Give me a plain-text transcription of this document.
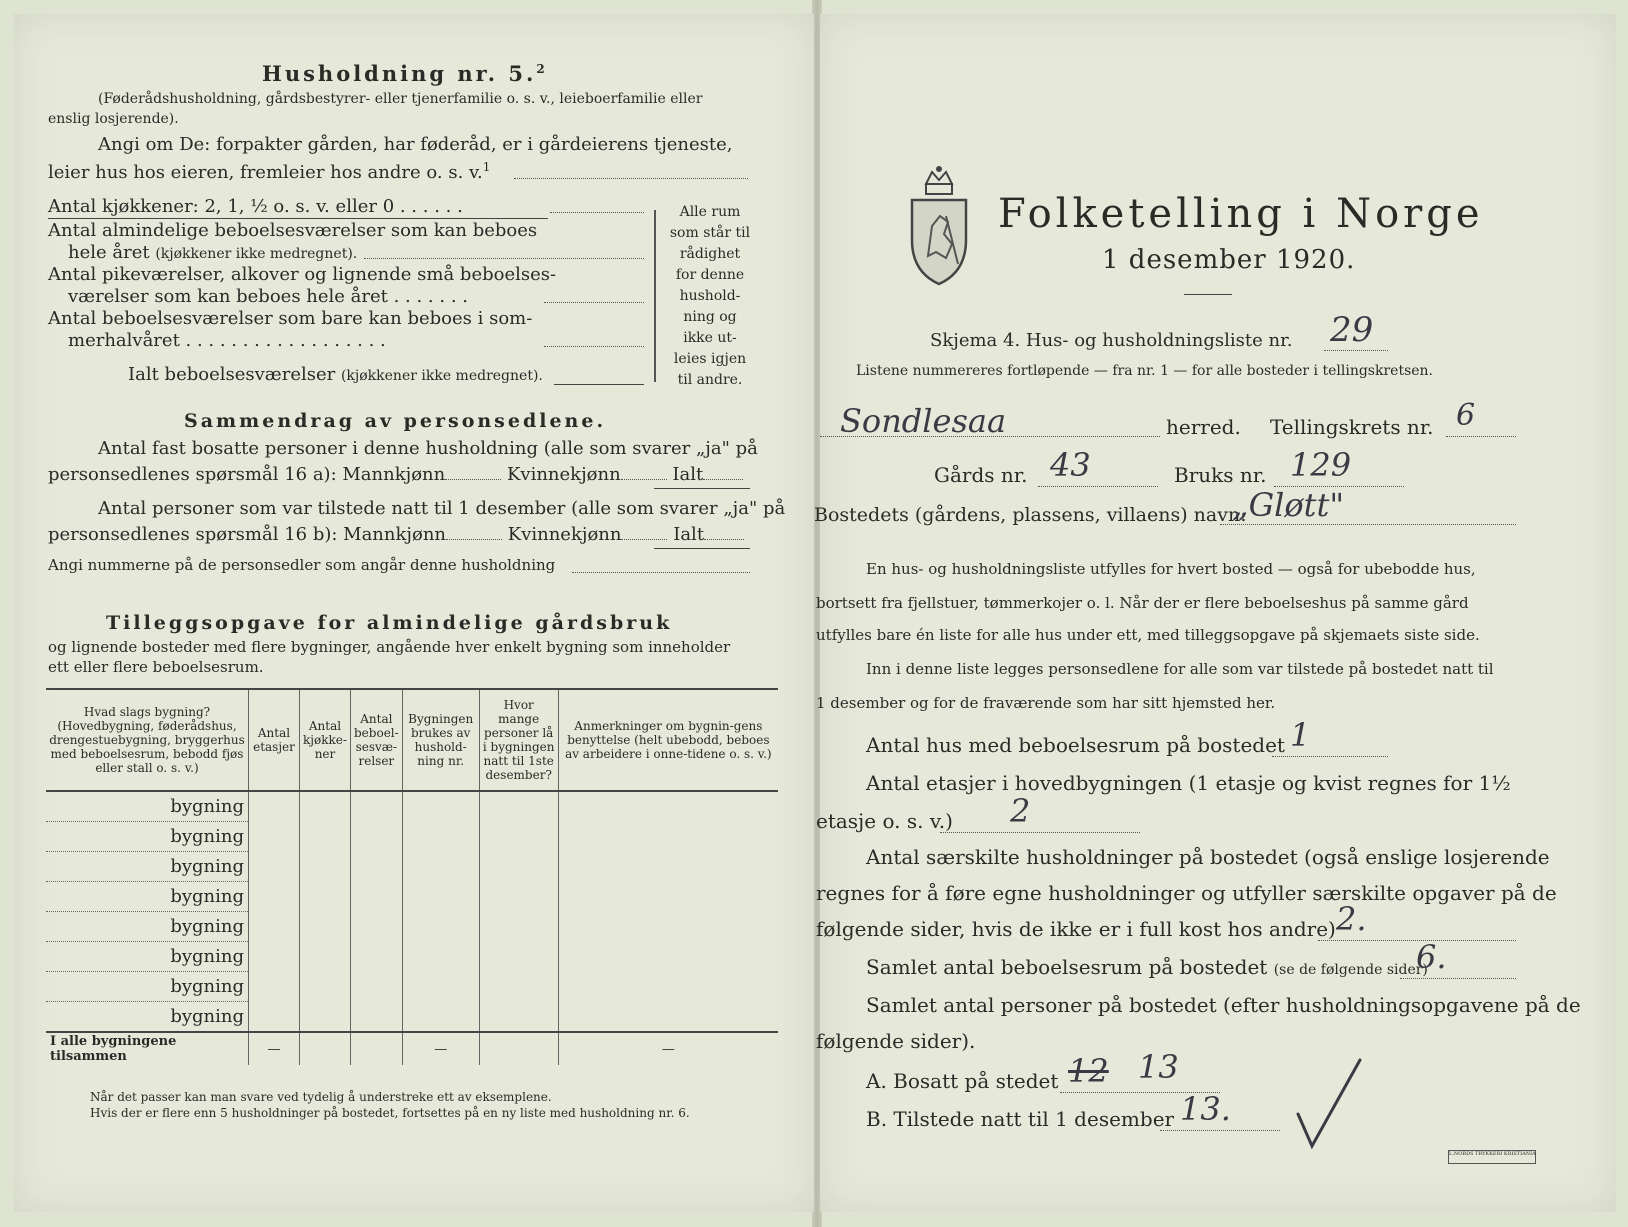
Husholdning nr. 5.$^2$
(Føderådshusholdning, gårdsbestyrer- eller tjenerfamilie o. s. v., leieboerfamilie eller
enslig losjerende).
Angi om De: forpakter gården, har føderåd, er i gårdeierens tjeneste,
leier hus hos eieren, fremleier hos andre o. s. v.$^1$
Antal kjøkkener: 2, 1, ½ o. s. v. eller 0 . . . . . .
Antal almindelige beboelsesværelser som kan beboes
hele året (kjøkkener ikke medregnet).
Antal pikeværelser, alkover og lignende små beboelses-
værelser som kan beboes hele året . . . . . . .
Antal beboelsesværelser som bare kan beboes i som-
merhalvåret . . . . . . . . . . . . . . . . . .
Ialt beboelsesværelser (kjøkkener ikke medregnet).
Alle rum
som står til
rådighet
for denne
hushold-
ning og
ikke ut-
leies igjen
til andre.
Sammendrag av personsedlene.
Antal fast bosatte personer i denne husholdning (alle som svarer „ja" på
personsedlenes spørsmål 16 a): Mannkjønn	Kvinnekjønn	Ialt
Antal personer som var tilstede natt til 1 desember (alle som svarer „ja" på
personsedlenes spørsmål 16 b): Mannkjønn	Kvinnekjønn	Ialt
Angi nummerne på de personsedler som angår denne husholdning
Tilleggsopgave for almindelige gårdsbruk
og lignende bosteder med flere bygninger, angående hver enkelt bygning som inneholder
ett eller flere beboelsesrum.
Hvad slags bygning? (Hovedbygning, føderådshus, drengestuebygning, bryggerhus med beboelsesrum, bebodd fjøs eller stall o. s. v.)	Antal etasjer	Antal kjøkke-ner	Antal beboel-sesvæ-relser	Bygningen brukes av hushold-ning nr.	Hvor mange personer lå i bygningen natt til 1ste desember?	Anmerkninger om bygnin-gens benyttelse (helt ubebodd, beboes av arbeidere i onne-tidene o. s. v.)
bygning						
bygning						
bygning						
bygning						
bygning						
bygning						
bygning						
bygning						
I alle bygningene tilsammen	—			—		—
Når det passer kan man svare ved tydelig å understreke ett av eksemplene.
Hvis der er flere enn 5 husholdninger på bostedet, fortsettes på en ny liste med husholdning nr. 6.
Folketelling i Norge
1 desember 1920.
Skjema 4. Hus- og husholdningsliste nr. 29
Listene nummereres fortløpende — fra nr. 1 — for alle bosteder i tellingskretsen.
Sondlesaa	herred. Tellingskrets nr. 6
Gårds nr. 43	Bruks nr. 129
Bostedets (gårdens, plassens, villaens) navn:
„Gløtt"
En hus- og husholdningsliste utfylles for hvert bosted — også for ubebodde hus,
bortsett fra fjellstuer, tømmerkojer o. l. Når der er flere beboelseshus på samme gård
utfylles bare én liste for alle hus under ett, med tilleggsopgave på skjemaets siste side.
Inn i denne liste legges personsedlene for alle som var tilstede på bostedet natt til
1 desember og for de fraværende som har sitt hjemsted her.
Antal hus med beboelsesrum på bostedet 1
Antal etasjer i hovedbygningen (1 etasje og kvist regnes for 1½
etasje o. s. v.) 2
Antal særskilte husholdninger på bostedet (også enslige losjerende
regnes for å føre egne husholdninger og utfyller særskilte opgaver på de
følgende sider, hvis de ikke er i full kost hos andre) 2.
Samlet antal beboelsesrum på bostedet (se de følgende sider)
6.
Samlet antal personer på bostedet (efter husholdningsopgavene på de
følgende sider).
A. Bosatt på stedet 12 13
B. Tilstede natt til 1 desember 13.
L.NORDS TRYKKERI KRISTIANIA
